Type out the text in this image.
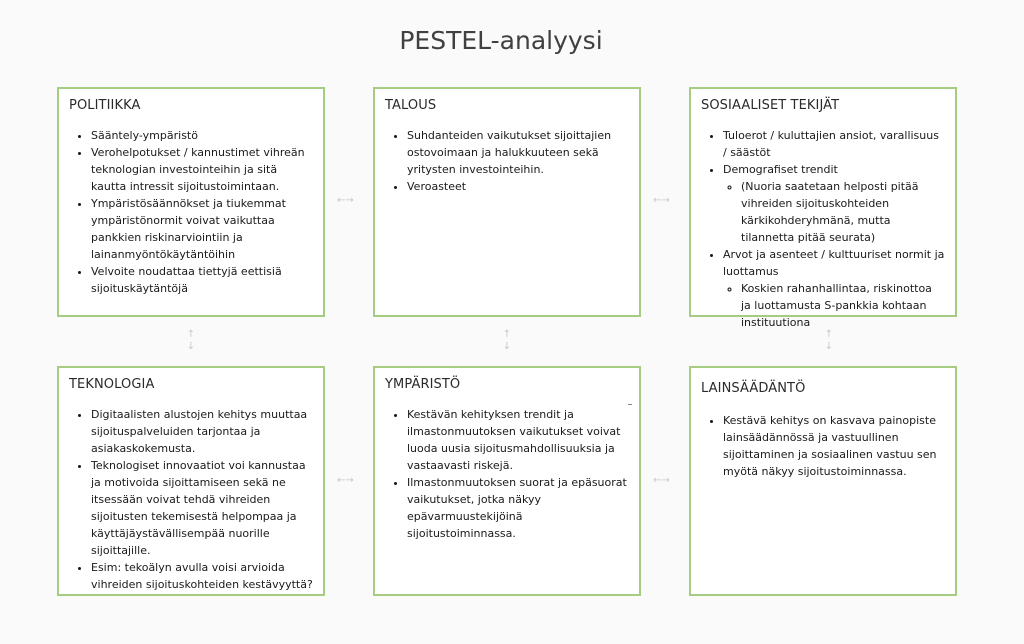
PESTEL-analyysi
POLITIIKKA
• Sääntely-ympäristö
• Verohelpotukset / kannustimet vihreän teknologian investointeihin ja sitä kautta intressit sijoitustoimintaan.
• Ympäristösäännökset ja tiukemmat ympäristönormit voivat vaikuttaa pankkien riskinarviointiin ja lainanmyöntökäytäntöihin
• Velvoite noudattaa tiettyjä eettisiä sijoituskäytäntöjä
TALOUS
• Suhdanteiden vaikutukset sijoittajien ostovoimaan ja halukkuuteen sekä yritysten investointeihin.
• Veroasteet
SOSIAALISET TEKIJÄT
• Tuloerot / kuluttajien ansiot, varallisuus / säästöt
• Demografiset trendit
◦ (Nuoria saatetaan helposti pitää vihreiden sijoituskohteiden kärkikohderyhmänä, mutta tilannetta pitää seurata)
• Arvot ja asenteet / kulttuuriset normit ja luottamus
◦ Koskien rahanhallintaa, riskinottoa ja luottamusta S-pankkia kohtaan instituutiona
TEKNOLOGIA
• Digitaalisten alustojen kehitys muuttaa sijoituspalveluiden tarjontaa ja asiakaskokemusta.
• Teknologiset innovaatiot voi kannustaa ja motivoida sijoittamiseen sekä ne itsessään voivat tehdä vihreiden sijoitusten tekemisestä helpompaa ja käyttäjäystävällisempää nuorille sijoittajille.
• Esim: tekoälyn avulla voisi arvioida vihreiden sijoituskohteiden kestävyyttä?
YMPÄRISTÖ
• Kestävän kehityksen trendit ja ilmastonmuutoksen vaikutukset voivat luoda uusia sijoitusmahdollisuuksia ja vastaavasti riskejä.
• Ilmastonmuutoksen suorat ja epäsuorat vaikutukset, jotka näkyy epävarmuustekijöinä sijoitustoiminnassa.
LAINSÄÄDÄNTÖ
• Kestävä kehitys on kasvava painopiste lainsäädännössä ja vastuullinen sijoittaminen ja sosiaalinen vastuu sen myötä näkyy sijoitustoiminnassa.
←→	←→
←→	←→
↑
↓
↑
↓
↑
↓
